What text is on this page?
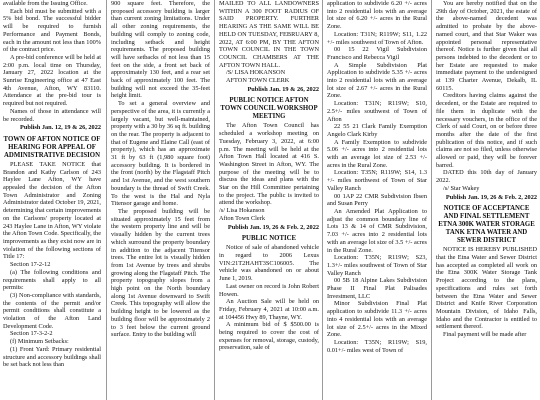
available from the Issuing Office.

Each bid must be submitted with a 5% bid bond. The successful bidder will be required to furnish Performance and Payment Bonds, each in the amount not less than 100% of the contract price.

A pre-bid conference will be held at 2:00 p.m. local time on Thursday, January 27, 2022 location at the Sunrise Engineering office at 47 East 4th Avenue, Afton, WY 83110. Attendance at the pre-bid tour is required but not required.

Names of those in attendance will be recorded.

Publish Jan. 12, 19 & 26, 2022

TOWN OF AFTON NOTICE OF HEARING FOR APPEAL OF ADMINISTRATIVE DECISION

PLEASE TAKE NOTICE that Brandon and Kathy Carlson of 243 Haylee Lane Afton, WY have appealed the decision of the Afton Town Administrator and Zoning Administrator dated October 19, 2021, determining that certain improvements on the Carlsons' property located at 243 Haylee Lane in Afton, WY violate the Afton Town Code. Specifically, the improvements as they exist now are in violation of the following sections of Title 17:

Section 17-2-12

(a) The following conditions and requirements shall apply to all permits:

(3) Non-compliance with standards, the contents of the permit and/or permit conditions shall constitute a violation of the Afton Land Development Code.

Section 17-3-2-2

(f) Minimum Setbacks:

(1) Front Yard: Primary residential structure and accessory buildings shall be set back not less than

900 square feet. Therefore, the proposed accessory building is larger than current zoning limitations. Under all other zoning requirements, the building will comply to zoning code, including setback and height requirements. The proposed building will have setbacks of not less than 15 feet on the side, a front set back of approximately 130 feet, and a rear set back of approximately 100 feet. The building will not exceed the 35-feet height limit.

To set a general overview and perspective of the area, it is currently a largely vacant, but well-maintained, property with a 30 by 36 sq ft. building on the rear. The property is adjacent to that of Eugene and Elaine Call (east of property), which has an approximate 31 ft by 63 ft (1,980 square foot) accessory building. It is bordered in the front (north) by the Flagstaff Pitch and 1st Avenue, and the west southern boundary is the thread of Swift Creek. To the west is the Hal and Nyla Titensor garage and home.

The proposed building will be situated approximately 15 feet from the western property line and will be visually hidden by the current trees which surround the property boundary in addition to the adjacent Titensor trees. The entire lot is visually hidden from 1st Avenue by trees and shrubs growing along the Flagstaff Pitch. The property topography slopes from a high point on the North boundary along 1st Avenue downward to Swift Creek. This topography will allow the building height to be lowered as the building floor will be approximately 2 to 3 feet below the current ground surface. Entry to the building will

MAILED TO ALL LANDOWNERS WITHIN A 300 FOOT RADIUS OF SAID PROPERTY. FURTHER HEARING AS THE SAME WILL BE HELD ON TUESDAY, FEBRUARY 8, 2022, AT 6:00 PM, BY THE AFTON TOWN COUNCIL IN THE TOWN COUNCIL CHAMBERS AT THE AFTON TOWN HALL.

/S/ LISA HOKANSON

AFTON TOWN CLERK

Publish Jan. 19 & 26, 2022

PUBLIC NOTICE AFTON TOWN COUNCIL WORKSHOP MEETING

The Afton Town Council has scheduled a workshop meeting on Tuesday, February 3, 2022, at 6:00 p.m. The meeting will be held at the Afton Town Hall located at 416 S. Washington Street in Afton, WY. The purpose of the meeting will be to discuss the ideas and plans with the Star on the Hill Committee pertaining to the project. The public is invited to attend the workshop.

/s/ Lisa Hokanson

Afton Town Clerk

Publish Jan. 19, 26 & Feb. 2, 2022

PUBLIC NOTICE

Notice of sale of abandoned vehicle in regard to 2006 Lexus VIN:21T2HAHT3SC106005. The vehicle was abandoned on or about June 1, 2019.

Last owner on record is John Robert Howen.

An Auction Sale will be held on Friday, February 4, 2021 at 10:00 a.m. at 104456 Hwy 89, Thayne, WY.

A minimum bid of $ $500.00 is being required to cover the cost of expenses for removal, storage, custody, preservation, sale of

application to subdivide 6.20 +/- acres into 2 residential lots with an average lot size of 6.20 +/- acres in the Rural Zone.

Location: T31N; R119W; S11, 1.22 +/- miles southwest of Town of Afton.

00 15 22 Vigil Subdivision Francisco and Rebecca Vigil

A Simple Subdivision Plat Application to subdivide 5.35 +/- acres into 2 residential lots with an average lot size of 2.67 +/- acres in the Rural Zone.

Location: T31N; R119W; S10, 2.5+/- miles southwest of Town of Afton

22 55 21 Clark Family Exemption Angelo Clark Kirby

A Family Exemption to subdivide 5.06 +/- acres into 2 residential lots with an average lot size of 2.53 +/- acres in the Rural Zone.

Location: T35N; R119W; S14, 1.3 +/- miles northwest of Town of Star Valley Ranch

00 1AP 22 CMR Subdivision Ibsen and Susan Perry

An Amended Plat Application to adjust the common boundary line of Lots 13 & 14 of CMR Subdivision, 7.03 +/- acres into 2 residential lots with an average lot size of 3.5 +/- acres in the Rural Zone.

Location: T35N; R119W; S23, 1.3+/- miles southwest of Town of Star Valley Ranch

00 5B 18 Alpine Lakes Subdivision Phase II Final Plat Palisades Investment, LLC

Minor Subdivision Final Plat application to subdivide 11.3 +/- acres into 4 residential lots with an average lot size of 2.5+/- acres in the Mixed Zone.

Location: T35N; R119W; S19, 0.01+/- miles west of Town of

You are hereby notified that on the 29th day of October, 2021, the estate of the above-named decedent was admitted to probate by the above-named court, and that Star Waker was appointed personal representative thereof. Notice is further given that all persons indebted to the decedent or to her Estate are requested to make immediate payment to the undersigned at 139 Charter Avenue, Dekalb, IL 60115.

Creditors having claims against the decedent, or the Estate are required to file them in duplicate with the necessary vouchers, in the office of the Clerk of said Court, on or before three months after the date of the first publication of this notice, and if such claims are not so filed, unless otherwise allowed or paid, they will be forever barred.

DATED this 10th day of January 2022.

/s/ Star Wakey

Publish Jan. 19, 26 & Feb. 2, 2022

NOTICE OF ACCEPTANCE AND FINAL SETTLEMENT ETNA 300K WATER STORAGE TANK ETNA WATER AND SEWER DISTRICT

NOTICE IS HEREBY PUBLISHED that the Etna Water and Sewer District has accepted as completed all work on the Etna 300K Water Storage Tank Project according to the plans, specifications and rules set forth between the Etna Water and Sewer District and Knife River Corporation Mountain Division, of Idaho Falls, Idaho and the Contractor is entitled to settlement thereof.

Final payment will be made after
